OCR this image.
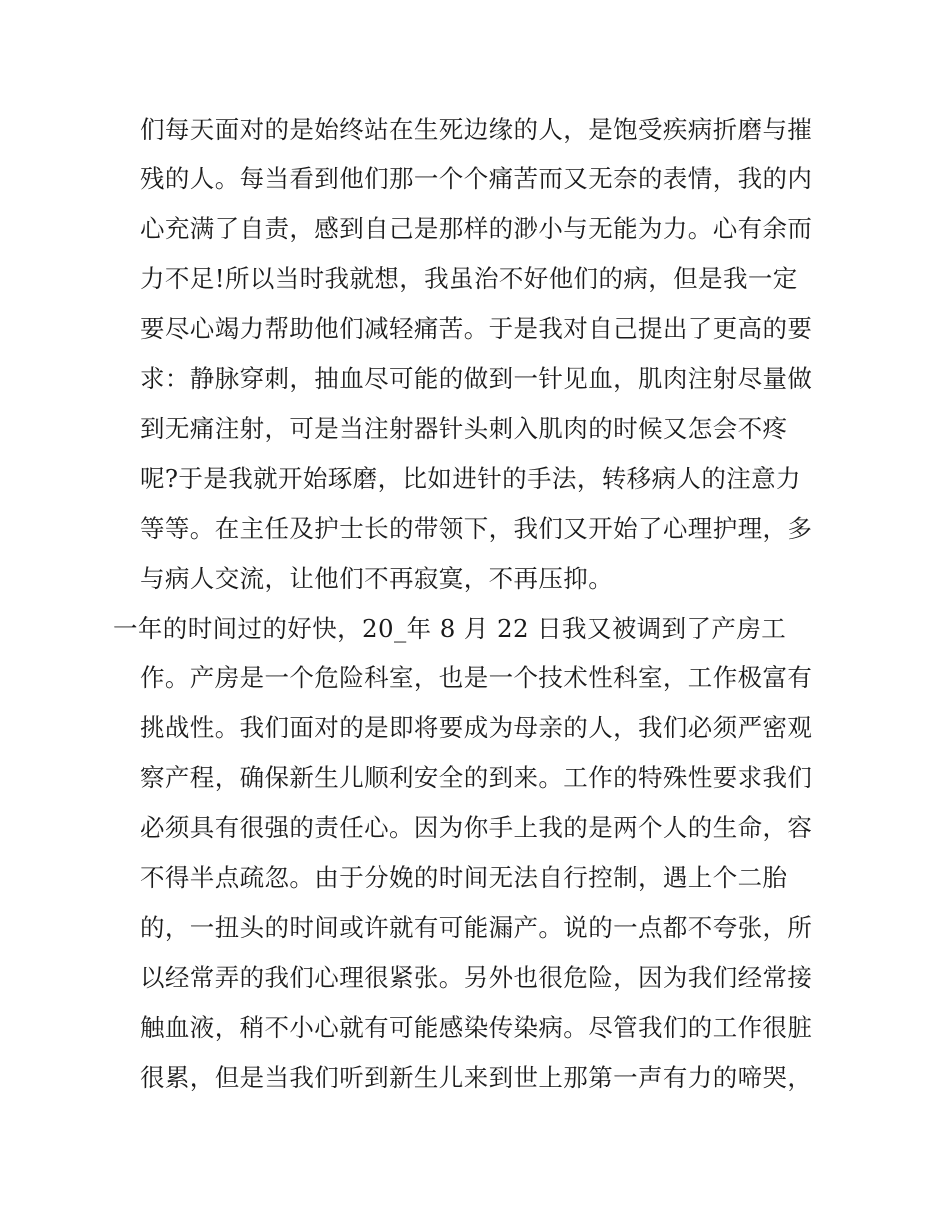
们每天面对的是始终站在生死边缘的人，是饱受疾病折磨与摧
残的人。每当看到他们那一个个痛苦而又无奈的表情，我的内
心充满了自责，感到自己是那样的渺小与无能为力。心有余而
力不足!所以当时我就想，我虽治不好他们的病，但是我一定
要尽心竭力帮助他们减轻痛苦。于是我对自己提出了更高的要
求：静脉穿刺，抽血尽可能的做到一针见血，肌肉注射尽量做
到无痛注射，可是当注射器针头刺入肌肉的时候又怎会不疼
呢?于是我就开始琢磨，比如进针的手法，转移病人的注意力
等等。在主任及护士长的带领下，我们又开始了心理护理，多
与病人交流，让他们不再寂寞，不再压抑。
一年的时间过的好快，20_年 8 月 22 日我又被调到了产房工
作。产房是一个危险科室，也是一个技术性科室，工作极富有
挑战性。我们面对的是即将要成为母亲的人，我们必须严密观
察产程，确保新生儿顺利安全的到来。工作的特殊性要求我们
必须具有很强的责任心。因为你手上我的是两个人的生命，容
不得半点疏忽。由于分娩的时间无法自行控制，遇上个二胎
的，一扭头的时间或许就有可能漏产。说的一点都不夸张，所
以经常弄的我们心理很紧张。另外也很危险，因为我们经常接
触血液，稍不小心就有可能感染传染病。尽管我们的工作很脏
很累，但是当我们听到新生儿来到世上那第一声有力的啼哭，
